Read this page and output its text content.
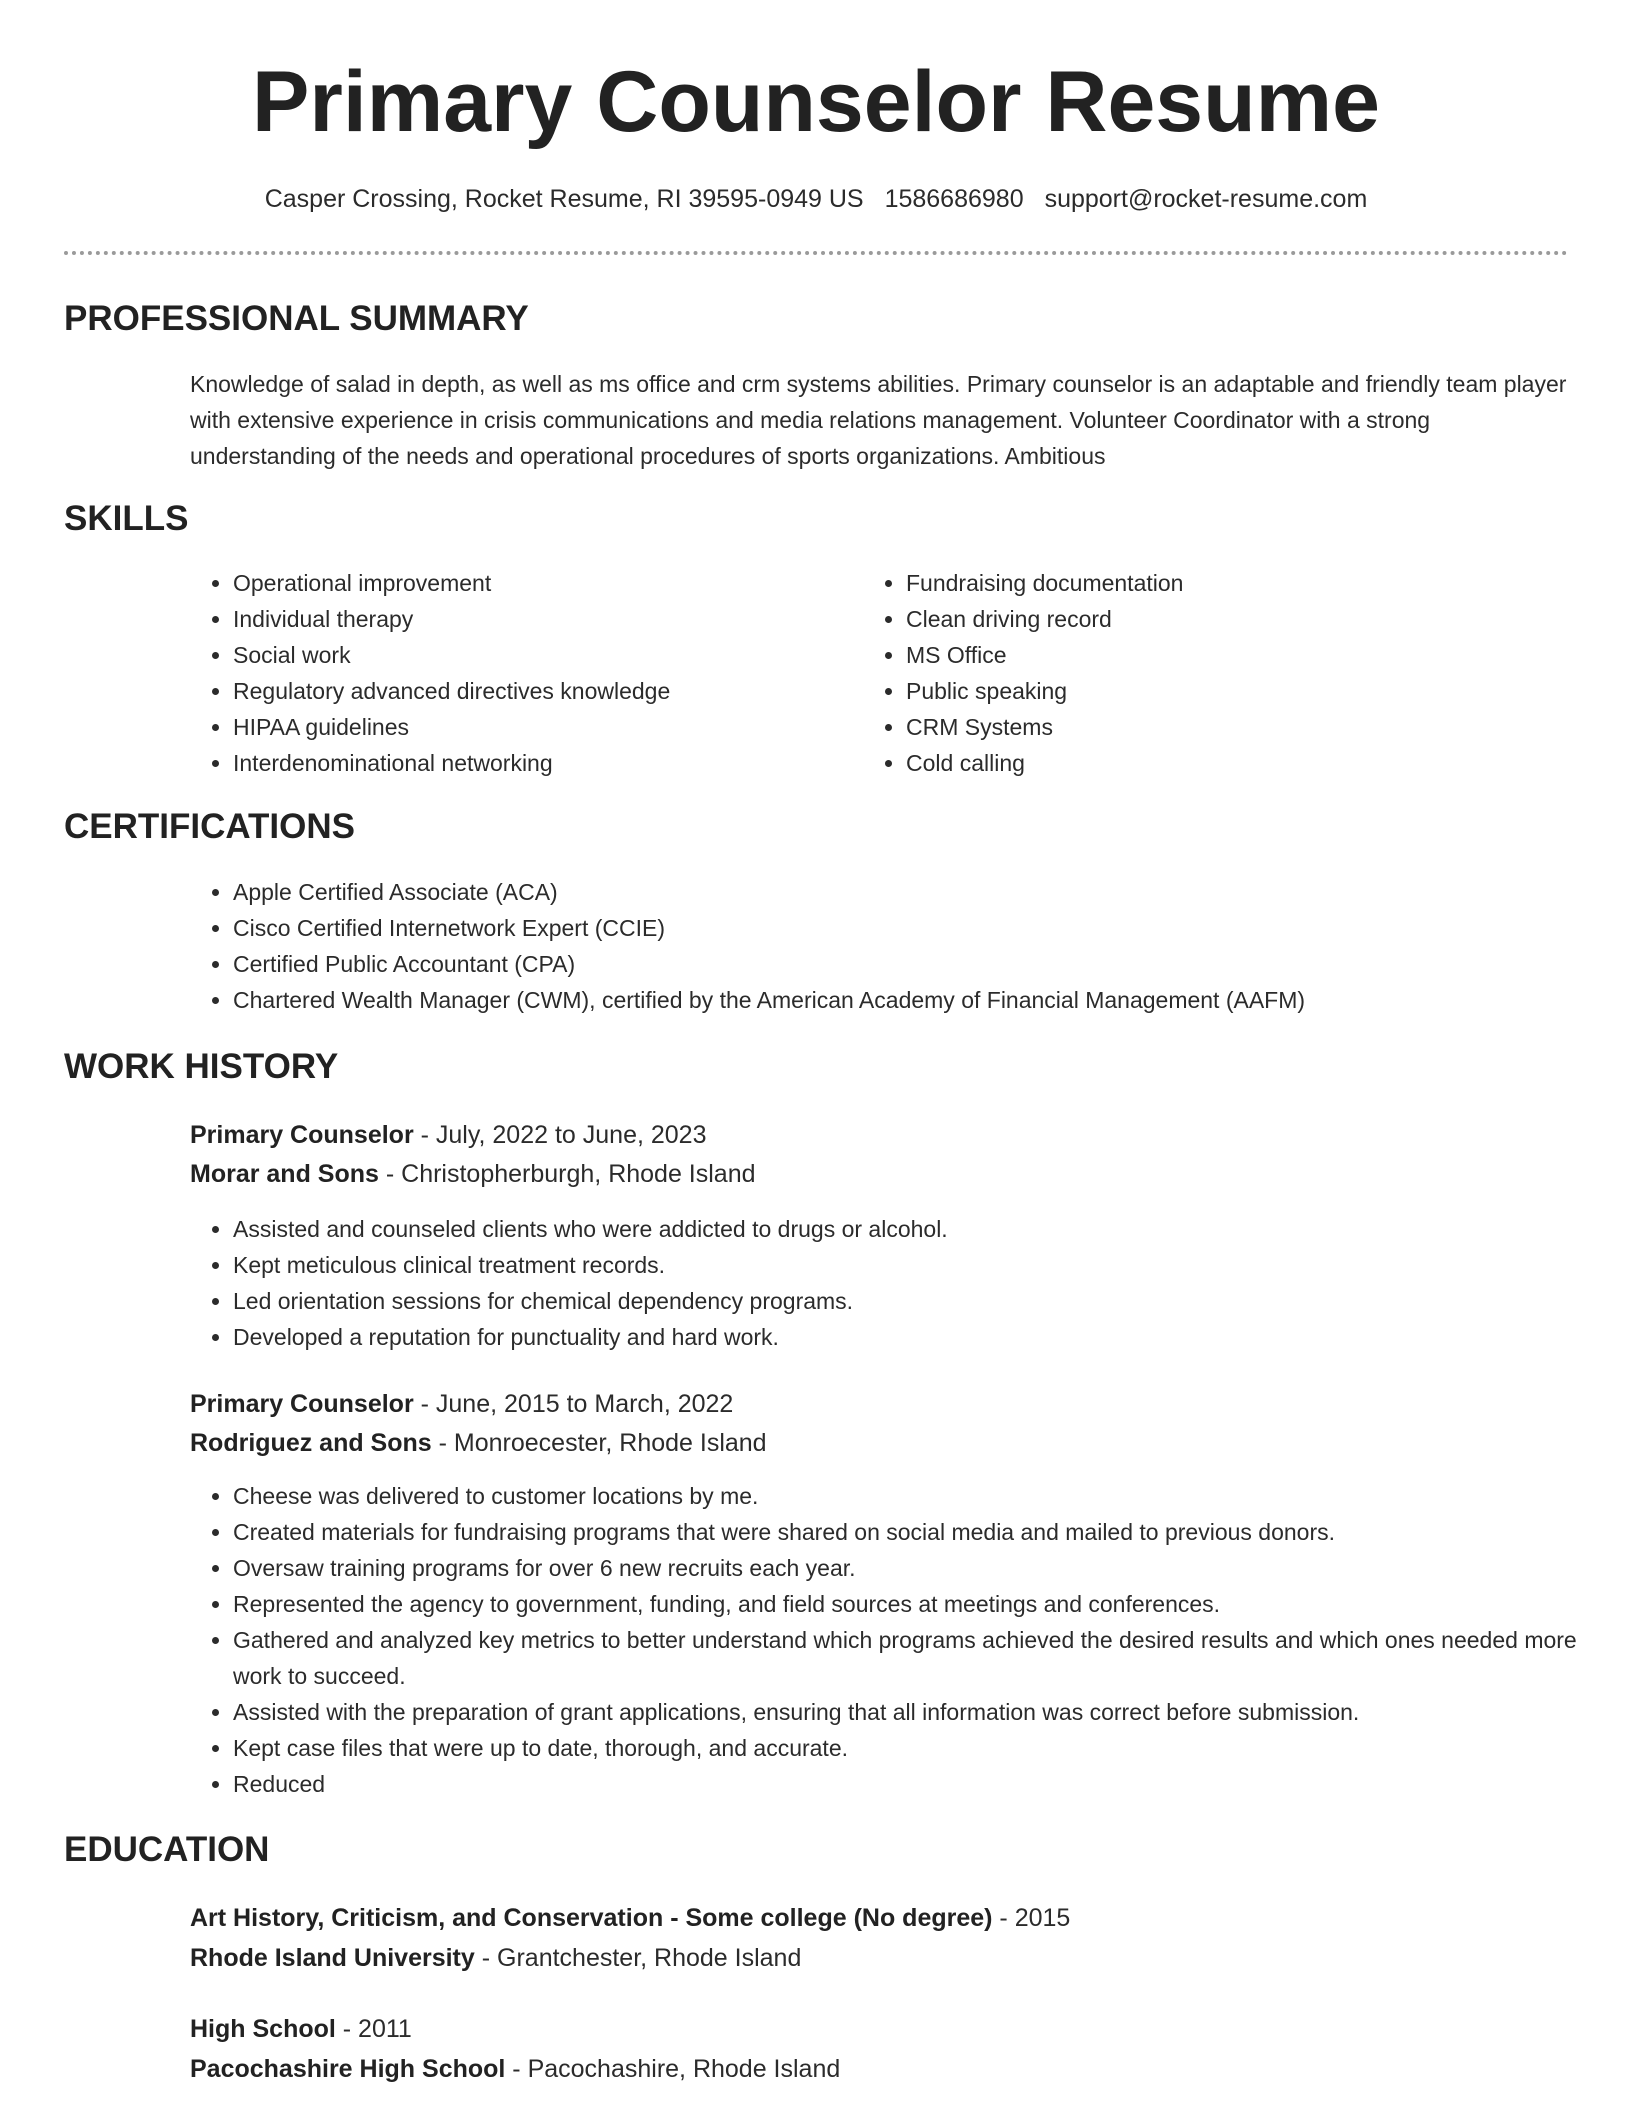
Primary Counselor Resume
Casper Crossing, Rocket Resume, RI 39595-0949 US 1586686980 support@rocket-resume.com
PROFESSIONAL SUMMARY

Knowledge of salad in depth, as well as ms office and crm systems abilities. Primary counselor is an adaptable and friendly team player with extensive experience in crisis communications and media relations management. Volunteer Coordinator with a strong understanding of the needs and operational procedures of sports organizations. Ambitious

SKILLS
• Operational improvement
• Individual therapy
• Social work
• Regulatory advanced directives knowledge
• HIPAA guidelines
• Interdenominational networking
• Fundraising documentation
• Clean driving record
• MS Office
• Public speaking
• CRM Systems
• Cold calling
CERTIFICATIONS
• Apple Certified Associate (ACA)
• Cisco Certified Internetwork Expert (CCIE)
• Certified Public Accountant (CPA)
• Chartered Wealth Manager (CWM), certified by the American Academy of Financial Management (AAFM)
WORK HISTORY
Primary Counselor - July, 2022 to June, 2023
Morar and Sons - Christopherburgh, Rhode Island
• Assisted and counseled clients who were addicted to drugs or alcohol.
• Kept meticulous clinical treatment records.
• Led orientation sessions for chemical dependency programs.
• Developed a reputation for punctuality and hard work.
Primary Counselor - June, 2015 to March, 2022
Rodriguez and Sons - Monroecester, Rhode Island
• Cheese was delivered to customer locations by me.
• Created materials for fundraising programs that were shared on social media and mailed to previous donors.
• Oversaw training programs for over 6 new recruits each year.
• Represented the agency to government, funding, and field sources at meetings and conferences.
• Gathered and analyzed key metrics to better understand which programs achieved the desired results and which ones needed more work to succeed.
• Assisted with the preparation of grant applications, ensuring that all information was correct before submission.
• Kept case files that were up to date, thorough, and accurate.
• Reduced
EDUCATION
Art History, Criticism, and Conservation - Some college (No degree) - 2015
Rhode Island University - Grantchester, Rhode Island
High School - 2011
Pacochashire High School - Pacochashire, Rhode Island
